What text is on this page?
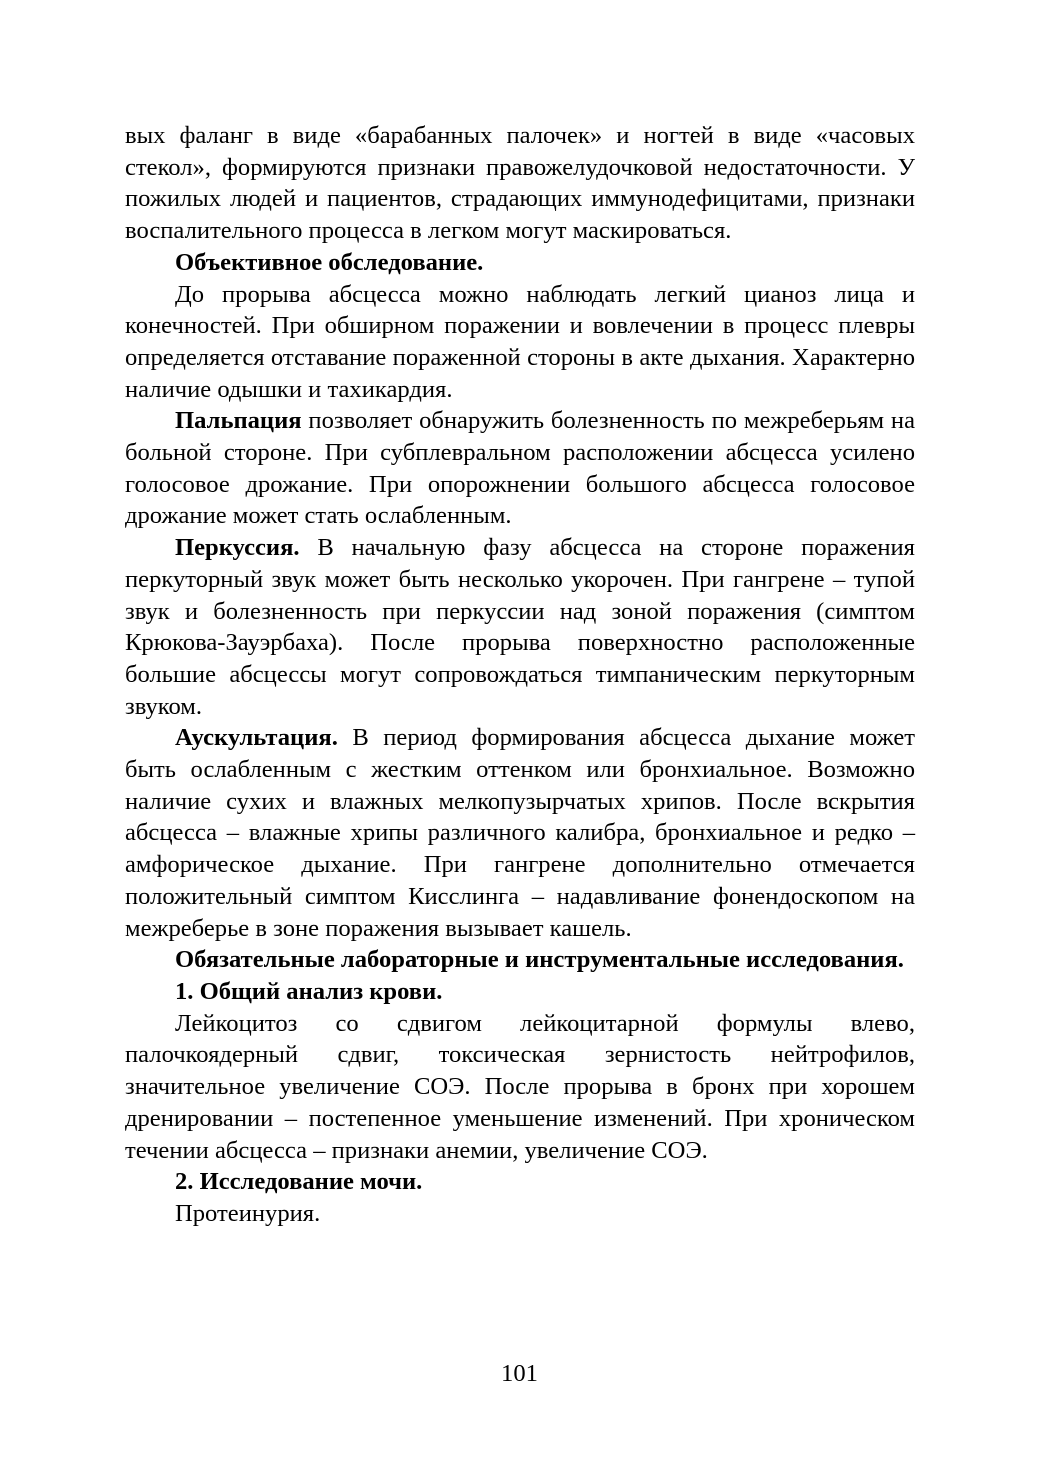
вых фаланг в виде «барабанных палочек» и ногтей в виде «часовых стекол», формируются признаки правожелудочковой недостаточности. У пожилых людей и пациентов, страдающих иммунодефицитами, признаки воспалительного процесса в легком могут маскироваться.

Объективное обследование.

До прорыва абсцесса можно наблюдать легкий цианоз лица и конечностей. При обширном поражении и вовлечении в процесс плевры определяется отставание пораженной стороны в акте дыхания. Характерно наличие одышки и тахикардия.

Пальпация позволяет обнаружить болезненность по межреберьям на больной стороне. При субплевральном расположении абсцесса усилено голосовое дрожание. При опорожнении большого абсцесса голосовое дрожание может стать ослабленным.

Перкуссия. В начальную фазу абсцесса на стороне поражения перкуторный звук может быть несколько укорочен. При гангрене – тупой звук и болезненность при перкуссии над зоной поражения (симптом Крюкова-Зауэрбаха). После прорыва поверхностно расположенные большие абсцессы могут сопровождаться тимпаническим перкуторным звуком.

Аускультация. В период формирования абсцесса дыхание может быть ослабленным с жестким оттенком или бронхиальное. Возможно наличие сухих и влажных мелкопузырчатых хрипов. После вскрытия абсцесса – влажные хрипы различного калибра, бронхиальное и редко – амфорическое дыхание. При гангрене дополнительно отмечается положительный симптом Кисслинга – надавливание фонендоскопом на межреберье в зоне поражения вызывает кашель.

Обязательные лабораторные и инструментальные исследования.

1. Общий анализ крови.

Лейкоцитоз со сдвигом лейкоцитарной формулы влево, палочкоядерный сдвиг, токсическая зернистость нейтрофилов, значительное увеличение СОЭ. После прорыва в бронх при хорошем дренировании – постепенное уменьшение изменений. При хроническом течении абсцесса – признаки анемии, увеличение СОЭ.

2. Исследование мочи.

Протеинурия.

101
